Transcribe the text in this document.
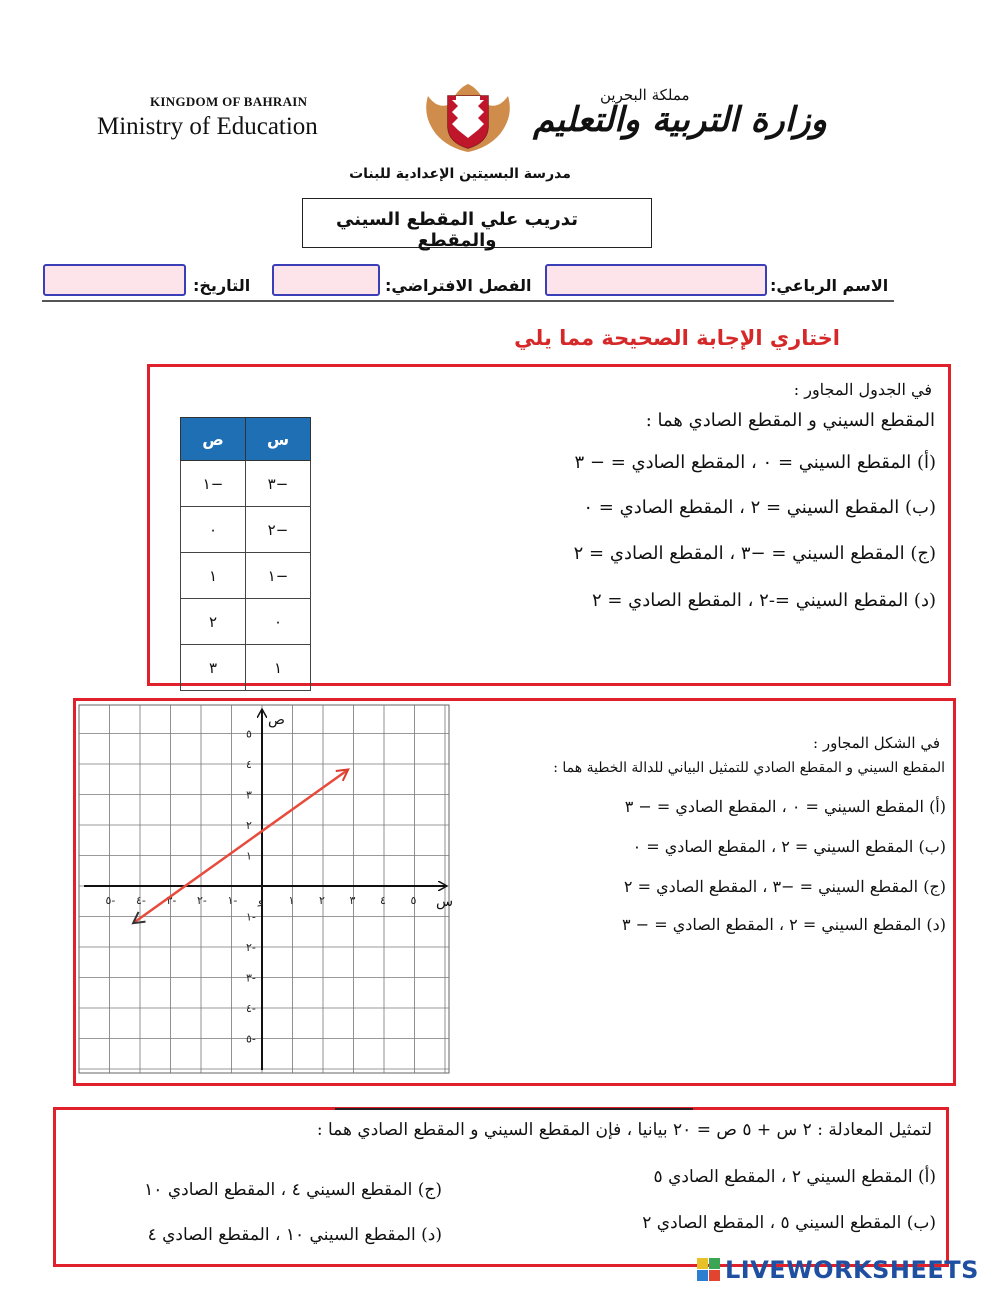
KINGDOM OF BAHRAIN
Ministry of Education
مملكة البحرين
وزارة التربية والتعليم
مدرسة البسيتين الإعدادية للبنات
تدريب علي المقطع السيني والمقطع
الاسم الرباعي:
الفصل الافتراضي:
التاريخ:
اختاري الإجابة الصحيحة مما يلي
في الجدول المجاور :
المقطع السيني و المقطع الصادي هما :
(أ) المقطع السيني = ٠ ، المقطع الصادي = − ٣
(ب) المقطع السيني = ٢ ، المقطع الصادي = ٠
(ج) المقطع السيني = −٣ ، المقطع الصادي = ٢
(د) المقطع السيني =-٢ ، المقطع الصادي = ٢
ص	س
١−	٣−
٠	٢−
١	١−
٢	٠
٣	١
في الشكل المجاور :
المقطع السيني و المقطع الصادي للتمثيل البياني للدالة الخطية هما :
(أ) المقطع السيني = ٠ ، المقطع الصادي = − ٣
(ب) المقطع السيني = ٢ ، المقطع الصادي = ٠
(ج) المقطع السيني = −٣ ، المقطع الصادي = ٢
(د) المقطع السيني = ٢ ، المقطع الصادي = − ٣
٥- ٤- ٣- ٢- ١- و ١ ٢ ٣ ٤ ٥
٥
٤
٣
٢
١
١-
٢-
٣-
٤-
٥-
س
ص
لتمثيل المعادلة : ٢ س + ٥ ص = ٢٠ بيانيا ، فإن المقطع السيني و المقطع الصادي هما :
(أ) المقطع السيني ٢ ، المقطع الصادي ٥
(ب) المقطع السيني ٥ ، المقطع الصادي ٢
(ج) المقطع السيني ٤ ، المقطع الصادي ١٠
(د) المقطع السيني ١٠ ، المقطع الصادي ٤
LIVEWORKSHEETS
